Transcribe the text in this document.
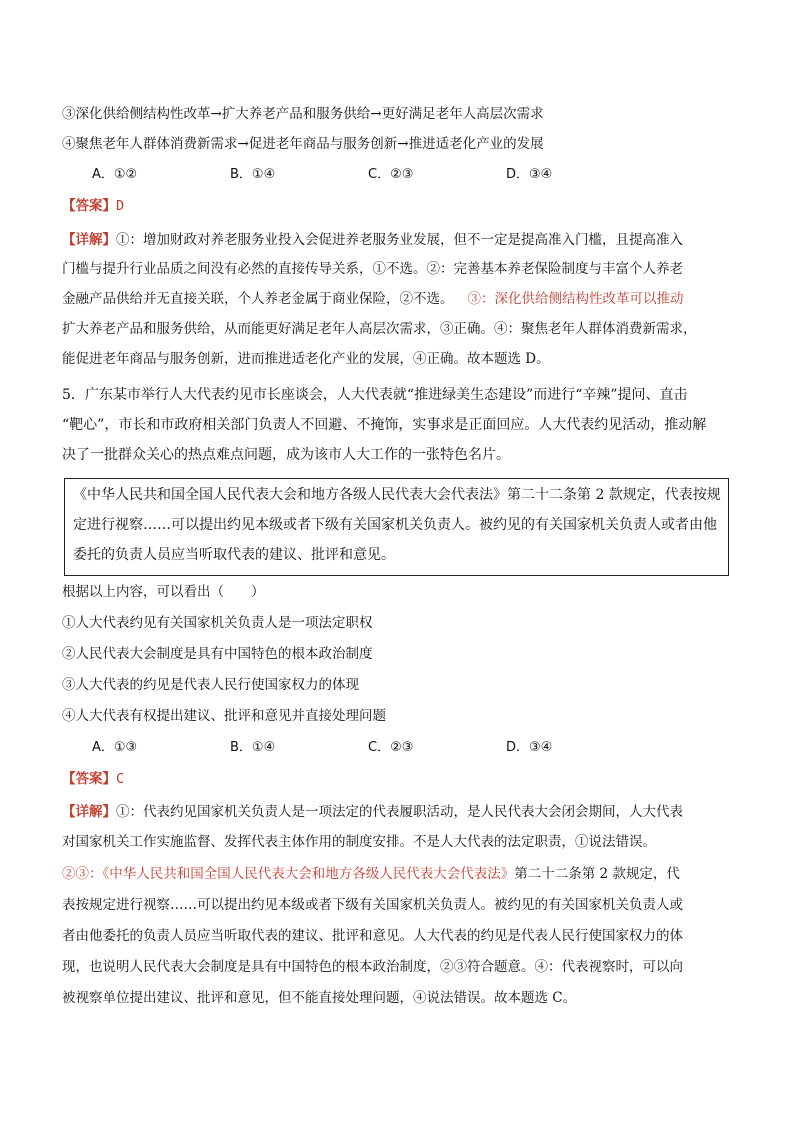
③深化供给侧结构性改革→扩大养老产品和服务供给→更好满足老年人高层次需求
④聚焦老年人群体消费新需求→促进老年商品与服务创新→推进适老化产业的发展
A．①②	B．①④	C．②③	D．③④
【答案】D
【详解】①：增加财政对养老服务业投入会促进养老服务业发展，但不一定是提高准入门槛，且提高准入
门槛与提升行业品质之间没有必然的直接传导关系，①不选。②：完善基本养老保险制度与丰富个人养老
金融产品供给并无直接关联，个人养老金属于商业保险，②不选。 ③：深化供给侧结构性改革可以推动
扩大养老产品和服务供给，从而能更好满足老年人高层次需求，③正确。④：聚焦老年人群体消费新需求，
能促进老年商品与服务创新，进而推进适老化产业的发展，④正确。故本题选 D。
5．广东某市举行人大代表约见市长座谈会，人大代表就“推进绿美生态建设”而进行“辛辣”提问、直击
“靶心”，市长和市政府相关部门负责人不回避、不掩饰，实事求是正面回应。人大代表约见活动，推动解
决了一批群众关心的热点难点问题，成为该市人大工作的一张特色名片。
《中华人民共和国全国人民代表大会和地方各级人民代表大会代表法》第二十二条第 2 款规定，代表按规
定进行视察……可以提出约见本级或者下级有关国家机关负责人。被约见的有关国家机关负责人或者由他
委托的负责人员应当听取代表的建议、批评和意见。
根据以上内容，可以看出（　　）
①人大代表约见有关国家机关负责人是一项法定职权
②人民代表大会制度是具有中国特色的根本政治制度
③人大代表的约见是代表人民行使国家权力的体现
④人大代表有权提出建议、批评和意见并直接处理问题
A．①③	B．①④	C．②③	D．③④
【答案】C
【详解】①：代表约见国家机关负责人是一项法定的代表履职活动，是人民代表大会闭会期间，人大代表
对国家机关工作实施监督、发挥代表主体作用的制度安排。不是人大代表的法定职责，①说法错误。
②③：《中华人民共和国全国人民代表大会和地方各级人民代表大会代表法》第二十二条第 2 款规定，代
表按规定进行视察……可以提出约见本级或者下级有关国家机关负责人。被约见的有关国家机关负责人或
者由他委托的负责人员应当听取代表的建议、批评和意见。人大代表的约见是代表人民行使国家权力的体
现，也说明人民代表大会制度是具有中国特色的根本政治制度，②③符合题意。④：代表视察时，可以向
被视察单位提出建议、批评和意见，但不能直接处理问题，④说法错误。故本题选 C。
